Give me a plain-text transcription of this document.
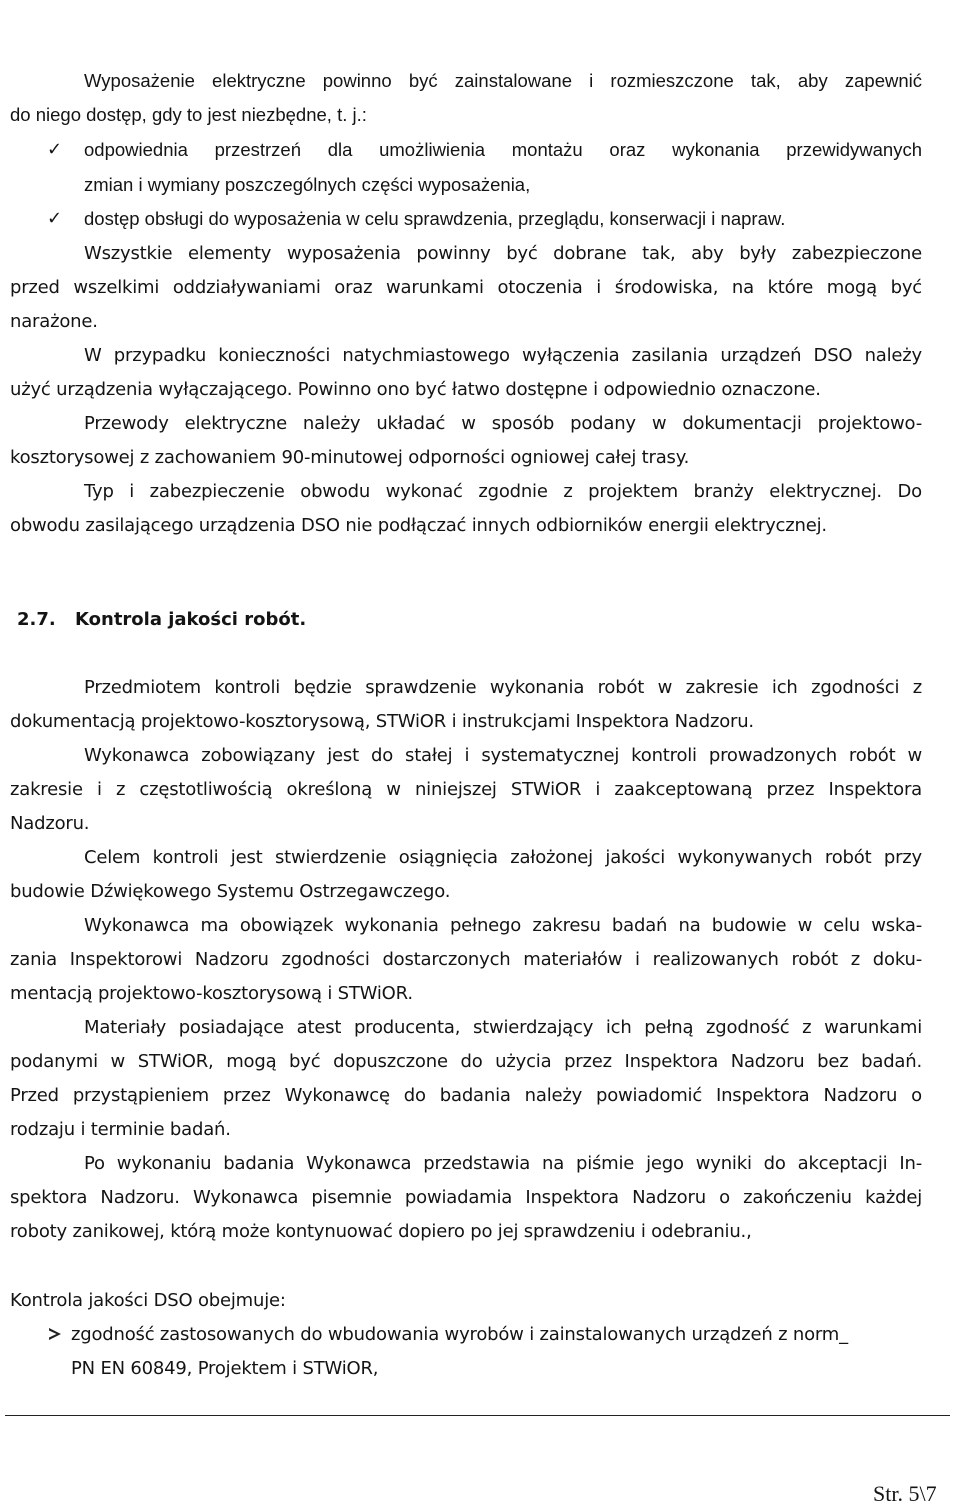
Wyposażenie elektryczne powinno być zainstalowane i rozmieszczone tak, aby zapewnić
do niego dostęp, gdy to jest niezbędne, t. j.:
✓ odpowiednia przestrzeń dla umożliwienia montażu oraz wykonania przewidywanych
zmian i wymiany poszczególnych części wyposażenia,
✓ dostęp obsługi do wyposażenia w celu sprawdzenia, przeglądu, konserwacji i napraw.
Wszystkie elementy wyposażenia powinny być dobrane tak, aby były zabezpieczone
przed wszelkimi oddziaływaniami oraz warunkami otoczenia i środowiska, na które mogą być
narażone.
W przypadku konieczności natychmiastowego wyłączenia zasilania urządzeń DSO należy
użyć urządzenia wyłączającego. Powinno ono być łatwo dostępne i odpowiednio oznaczone.
Przewody elektryczne należy układać w sposób podany w dokumentacji projektowo-
kosztorysowej z zachowaniem 90-minutowej odporności ogniowej całej trasy.
Typ i zabezpieczenie obwodu wykonać zgodnie z projektem branży elektrycznej. Do
obwodu zasilającego urządzenia DSO nie podłączać innych odbiorników energii elektrycznej.
2.7. Kontrola jakości robót.
Przedmiotem kontroli będzie sprawdzenie wykonania robót w zakresie ich zgodności z
dokumentacją projektowo-kosztorysową, STWiOR i instrukcjami Inspektora Nadzoru.
Wykonawca zobowiązany jest do stałej i systematycznej kontroli prowadzonych robót w
zakresie i z częstotliwością określoną w niniejszej STWiOR i zaakceptowaną przez Inspektora
Nadzoru.
Celem kontroli jest stwierdzenie osiągnięcia założonej jakości wykonywanych robót przy
budowie Dźwiękowego Systemu Ostrzegawczego.
Wykonawca ma obowiązek wykonania pełnego zakresu badań na budowie w celu wska-
zania Inspektorowi Nadzoru zgodności dostarczonych materiałów i realizowanych robót z doku-
mentacją projektowo-kosztorysową i STWiOR.
Materiały posiadające atest producenta, stwierdzający ich pełną zgodność z warunkami
podanymi w STWiOR, mogą być dopuszczone do użycia przez Inspektora Nadzoru bez badań.
Przed przystąpieniem przez Wykonawcę do badania należy powiadomić Inspektora Nadzoru o
rodzaju i terminie badań.
Po wykonaniu badania Wykonawca przedstawia na piśmie jego wyniki do akceptacji In-
spektora Nadzoru. Wykonawca pisemnie powiadamia Inspektora Nadzoru o zakończeniu każdej
roboty zanikowej, którą może kontynuować dopiero po jej sprawdzeniu i odebraniu.,
Kontrola jakości DSO obejmuje:
zgodność zastosowanych do wbudowania wyrobów i zainstalowanych urządzeń z norm_
PN EN 60849, Projektem i STWiOR,
Str. 5\7
